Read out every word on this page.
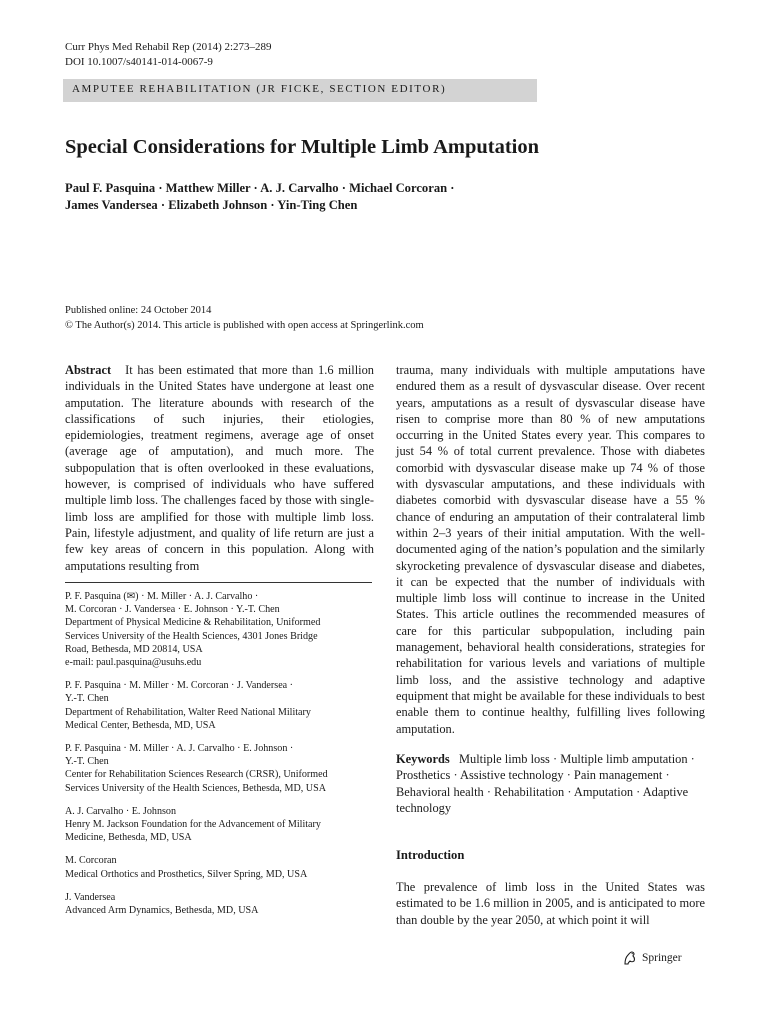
Curr Phys Med Rehabil Rep (2014) 2:273–289
DOI 10.1007/s40141-014-0067-9
AMPUTEE REHABILITATION (JR FICKE, SECTION EDITOR)
Special Considerations for Multiple Limb Amputation
Paul F. Pasquina · Matthew Miller · A. J. Carvalho · Michael Corcoran ·
James Vandersea · Elizabeth Johnson · Yin-Ting Chen
Published online: 24 October 2014
© The Author(s) 2014. This article is published with open access at Springerlink.com

Abstract It has been estimated that more than 1.6 million individuals in the United States have undergone at least one amputation. The literature abounds with research of the classifications of such injuries, their etiologies, epidemiologies, treatment regimens, average age of onset (average age of amputation), and much more. The subpopulation that is often overlooked in these evaluations, however, is comprised of individuals who have suffered multiple limb loss. The challenges faced by those with single-limb loss are amplified for those with multiple limb loss. Pain, lifestyle adjustment, and quality of life return are just a few key areas of concern in this population. Along with amputations resulting from

P. F. Pasquina (✉) · M. Miller · A. J. Carvalho ·
M. Corcoran · J. Vandersea · E. Johnson · Y.-T. Chen
Department of Physical Medicine & Rehabilitation, Uniformed
Services University of the Health Sciences, 4301 Jones Bridge
Road, Bethesda, MD 20814, USA
e-mail: paul.pasquina@usuhs.edu
P. F. Pasquina · M. Miller · M. Corcoran · J. Vandersea ·
Y.-T. Chen
Department of Rehabilitation, Walter Reed National Military
Medical Center, Bethesda, MD, USA
P. F. Pasquina · M. Miller · A. J. Carvalho · E. Johnson ·
Y.-T. Chen
Center for Rehabilitation Sciences Research (CRSR), Uniformed
Services University of the Health Sciences, Bethesda, MD, USA
A. J. Carvalho · E. Johnson
Henry M. Jackson Foundation for the Advancement of Military
Medicine, Bethesda, MD, USA
M. Corcoran
Medical Orthotics and Prosthetics, Silver Spring, MD, USA
J. Vandersea
Advanced Arm Dynamics, Bethesda, MD, USA

trauma, many individuals with multiple amputations have endured them as a result of dysvascular disease. Over recent years, amputations as a result of dysvascular disease have risen to comprise more than 80 % of new amputations occurring in the United States every year. This compares to just 54 % of total current prevalence. Those with diabetes comorbid with dysvascular disease make up 74 % of those with dysvascular amputations, and these individuals with diabetes comorbid with dysvascular disease have a 55 % chance of enduring an amputation of their contralateral limb within 2–3 years of their initial amputation. With the well-documented aging of the nation’s population and the similarly skyrocketing prevalence of dysvascular disease and diabetes, it can be expected that the number of individuals with multiple limb loss will continue to increase in the United States. This article outlines the recommended measures of care for this particular subpopulation, including pain management, behavioral health considerations, strategies for rehabilitation for various levels and variations of multiple limb loss, and the assistive technology and adaptive equipment that might be available for these individuals to best enable them to continue healthy, fulfilling lives following amputation.

Keywords Multiple limb loss · Multiple limb amputation · Prosthetics · Assistive technology · Pain management · Behavioral health · Rehabilitation · Amputation · Adaptive technology
Introduction
The prevalence of limb loss in the United States was estimated to be 1.6 million in 2005, and is anticipated to more than double by the year 2050, at which point it will
Springer
